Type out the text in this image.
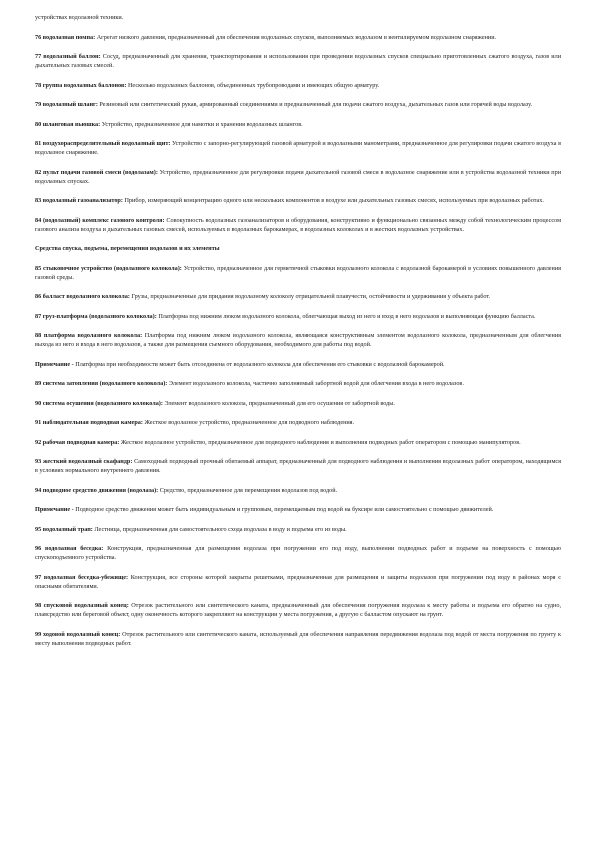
устройствах водолазной техники.

76 водолазная помпа: Агрегат низкого давления, предназначенный для обеспечения водолазных спусков, выполняемых водолазом в вентилируемом водолазном снаряжении.

77 водолазный баллон: Сосуд, предназначенный для хранения, транспортирования и использования при проведении водолазных спусков специально приготовленных сжатого воздуха, газов или дыхательных газовых смесей.

78 группа водолазных баллонов: Несколько водолазных баллонов, объединенных трубопроводами и имеющих общую арматуру.

79 водолазный шланг: Резиновый или синтетический рукав, армированный соединениями и предназначенный для подачи сжатого воздуха, дыхательных газов или горячей воды водолазу.

80 шланговая вьюшка: Устройство, предназначенное для намотки и хранения водолазных шлангов.

81 воздухораспределительный водолазный щит: Устройство с запорно-регулирующей газовой арматурой и водолазными манометрами, предназначенное для регулировки подачи сжатого воздуха в водолазное снаряжение.

82 пульт подачи газовой смеси (водолазам): Устройство, предназначенное для регулировки подачи дыхательной газовой смеси в водолазное снаряжение или в устройства водолазной техники при водолазных спусках.

83 водолазный газоанализатор: Прибор, измеряющий концентрацию одного или нескольких компонентов в воздухе или дыхательных газовых смесях, используемых при водолазных работах.

84 (водолазный) комплекс газового контроля: Совокупность водолазных газоанализаторов и оборудования, конструктивно и функционально связанных между собой технологическим процессом газового анализа воздуха и дыхательных газовых смесей, используемых в водолазных барокамерах, в водолазных колоколах и в жестких водолазных устройствах.

Средства спуска, подъема, перемещения водолазов и их элементы

85 стыковочное устройство (водолазного колокола): Устройство, предназначенное для герметичной стыковки водолазного колокола с водолазной барокамерой в условиях повышенного давления газовой среды.

86 балласт водолазного колокола: Грузы, предназначенные для придания водолазному колоколу отрицательной плавучести, остойчивости и удерживания у объекта работ.

87 груз-платформа (водолазного колокола): Платформа под нижним люком водолазного колокола, облегчающая выход из него и вход в него водолазов и выполняющая функцию балласта.

88 платформа водолазного колокола: Платформа под нижним люком водолазного колокола, являющаяся конструктивным элементом водолазного колокола, предназначенным для облегчения выхода из него и входа в него водолазов, а также для размещения съемного оборудования, необходимого для работы под водой.

Примечание - Платформа при необходимости может быть отсоединена от водолазного колокола для обеспечения его стыковки с водолазной барокамерой.

89 система затопления (водолазного колокола): Элемент водолазного колокола, частично заполняемый забортной водой для облегчения входа в него водолазов.

90 система осушения (водолазного колокола): Элемент водолазного колокола, предназначенный для его осушения от забортной воды.

91 наблюдательная подводная камера: Жесткое водолазное устройство, предназначенное для подводного наблюдения.

92 рабочая подводная камера: Жесткое водолазное устройство, предназначенное для подводного наблюдения и выполнения подводных работ оператором с помощью манипуляторов.

93 жесткий водолазный скафандр: Самоходный подводный прочный обитаемый аппарат, предназначенный для подводного наблюдения и выполнения водолазных работ оператором, находящимся в условиях нормального внутреннего давления.

94 подводное средство движения (водолаза): Средство, предназначенное для перемещения водолазов под водой.

Примечание - Подводное средство движения может быть индивидуальным и групповым, перемещаемым под водой на буксире или самостоятельно с помощью движителей.

95 водолазный трап: Лестница, предназначенная для самостоятельного схода водолаза в воду и подъема его из воды.

96 водолазная беседка: Конструкция, предназначенная для размещения водолаза при погружении его под воду, выполнении подводных работ и подъеме на поверхность с помощью спускоподъемного устройства.

97 водолазная беседка-убежище: Конструкция, все стороны которой закрыты решетками, предназначенная для размещения и защиты водолазов при погружении под воду в районах моря с опасными обитателями.

98 спусковой водолазный конец: Отрезок растительного или синтетического каната, предназначенный для обеспечения погружения водолаза к месту работы и подъема его обратно на судно, плавсредство или береговой объект, одну оконечность которого закрепляют на конструкции у места погружения, а другую с балластом опускают на грунт.

99 ходовой водолазный конец: Отрезок растительного или синтетического каната, используемый для обеспечения направления передвижения водолаза под водой от места погружения по грунту к месту выполнения подводных работ.
